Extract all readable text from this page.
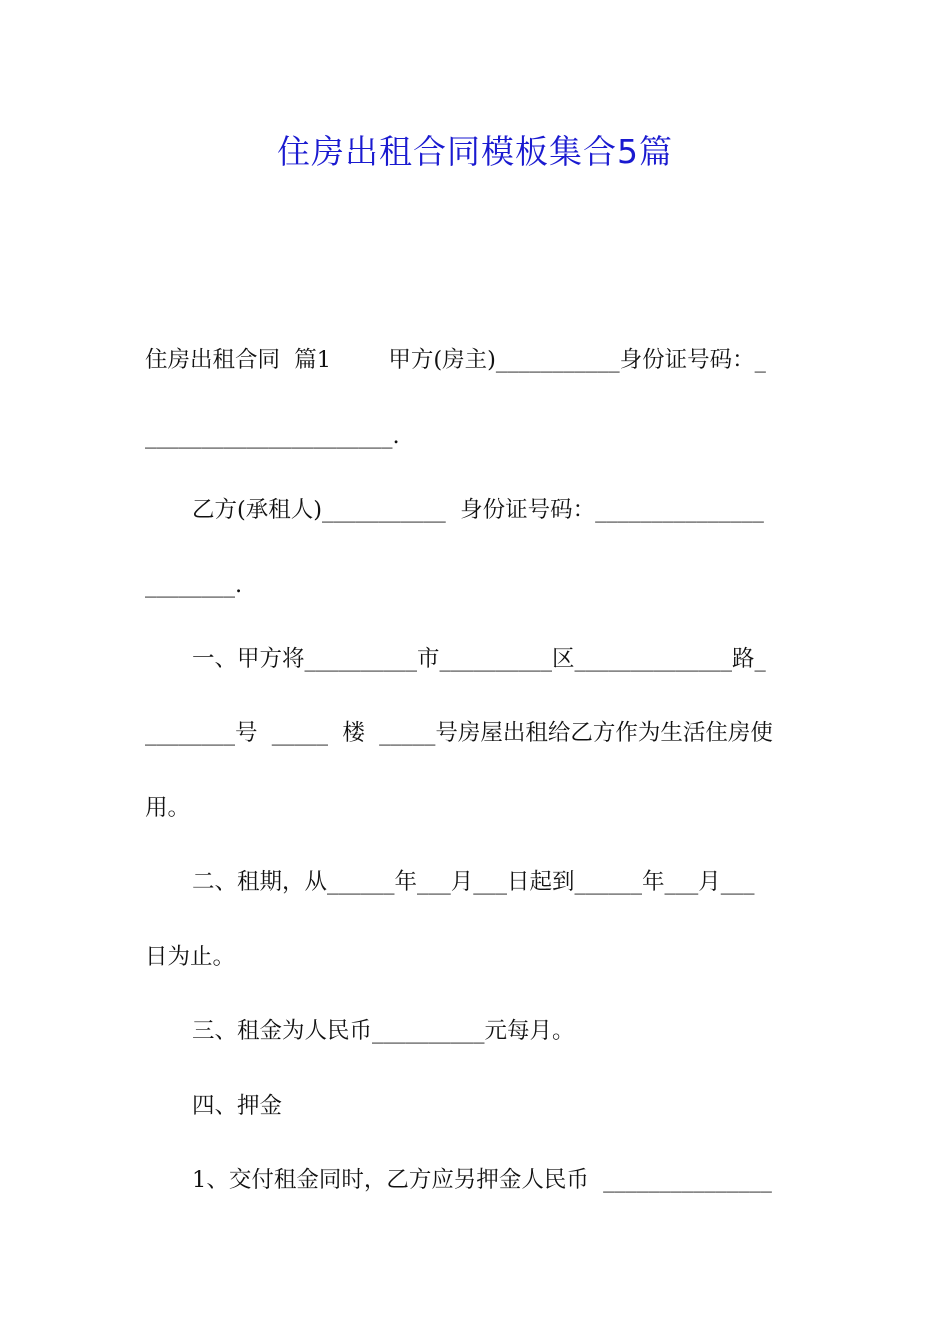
住房出租合同模板集合5篇
住房出租合同  篇1        甲方(房主)___________身份证号码：_
______________________.
乙方(承租人)___________  身份证号码：_______________
________.
一、甲方将__________市__________区______________路_
________号  _____  楼  _____号房屋出租给乙方作为生活住房使
用。
二、租期，从______年___月___日起到______年___月___
日为止。
三、租金为人民币__________元每月。
四、押金
1、交付租金同时，乙方应另押金人民币  _______________
